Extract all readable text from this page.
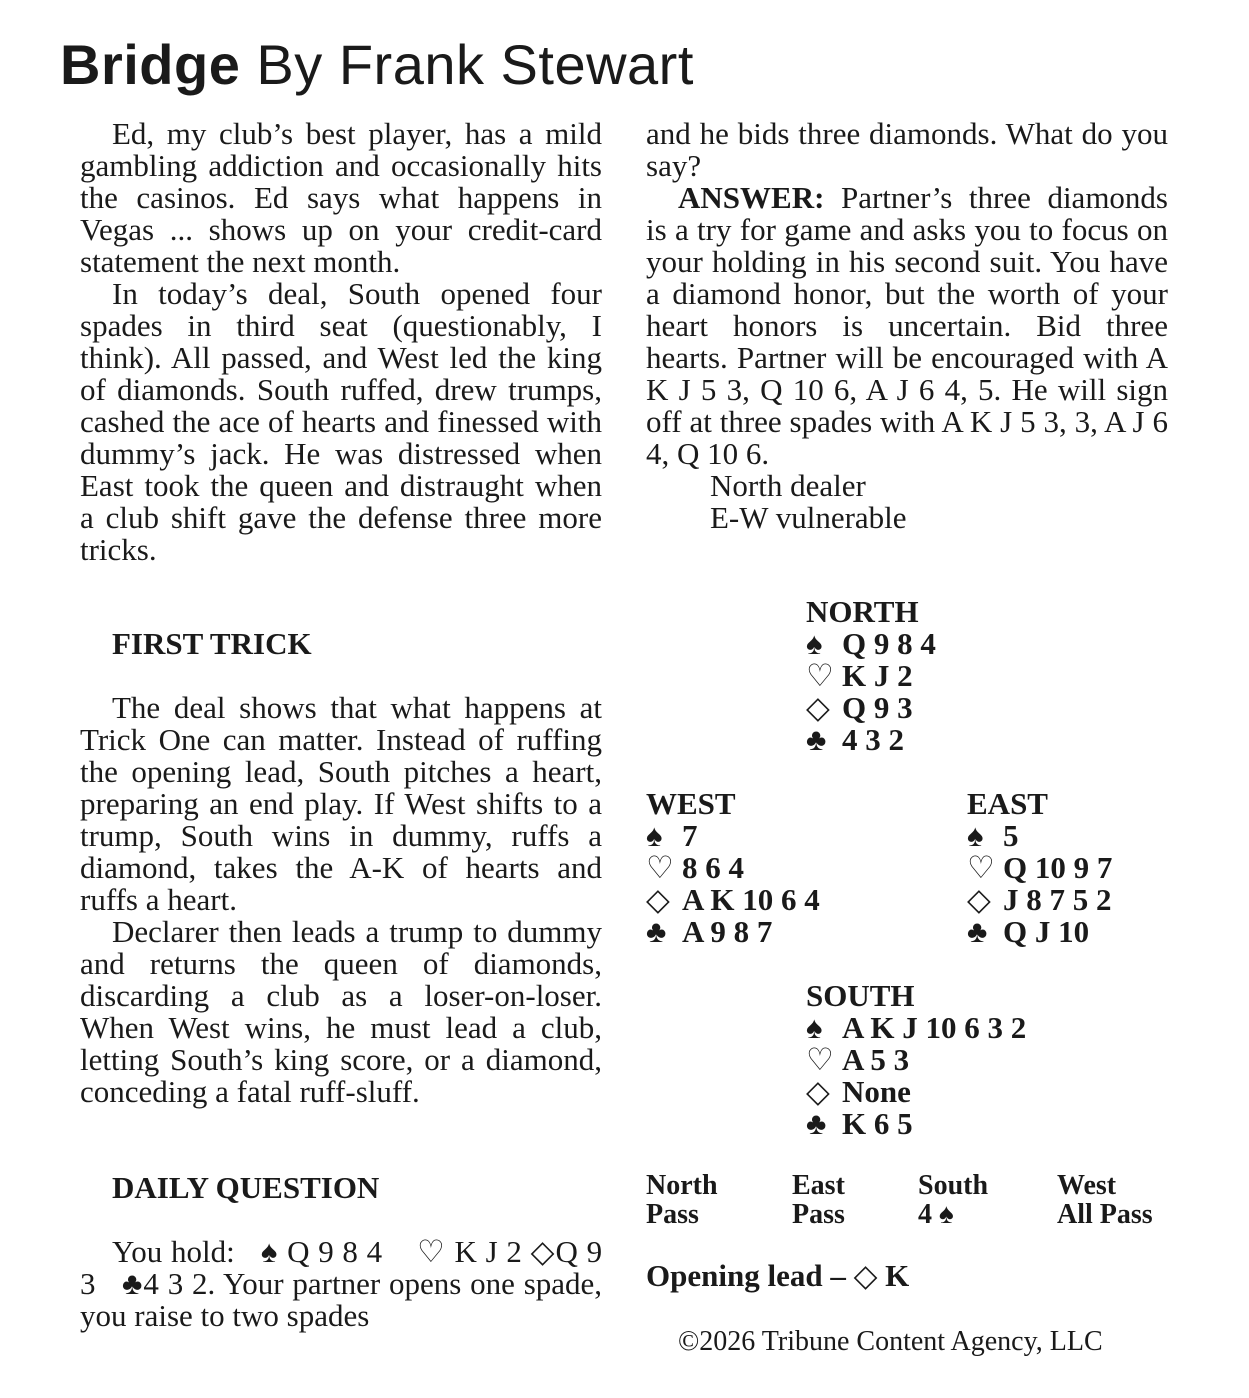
Bridge By Frank Stewart

Ed, my club’s best player, has a mild gambling addiction and occasionally hits the casinos. Ed says what happens in Vegas ... shows up on your credit-card statement the next month.

In today’s deal, South opened four spades in third seat (questionably, I think). All passed, and West led the king of diamonds. South ruffed, drew trumps, cashed the ace of hearts and finessed with dummy’s jack. He was distressed when East took the queen and distraught when a club shift gave the defense three more tricks.

FIRST TRICK

The deal shows that what happens at Trick One can matter. Instead of ruffing the opening lead, South pitches a heart, preparing an end play. If West shifts to a trump, South wins in dummy, ruffs a diamond, takes the A-K of hearts and ruffs a heart.

Declarer then leads a trump to dummy and returns the queen of diamonds, discarding a club as a loser-on-loser. When West wins, he must lead a club, letting South’s king score, or a diamond, conceding a fatal ruff-sluff.

DAILY QUESTION

You hold: ♠ Q 9 8 4 ♡ K J 2 ◇Q 9 3 ♣4 3 2. Your partner opens one spade, you raise to two spades

and he bids three diamonds. What do you say?

ANSWER: Partner’s three diamonds is a try for game and asks you to focus on your holding in his second suit. You have a diamond honor, but the worth of your heart honors is uncertain. Bid three hearts. Partner will be encouraged with A K J 5 3, Q 10 6, A J 6 4, 5. He will sign off at three spades with A K J 5 3, 3, A J 6 4, Q 10 6.

North dealer

E-W vulnerable

NORTH
♠ Q 9 8 4
♡ K J 2
◇ Q 9 3
♣ 4 3 2
WEST
♠ 7
♡ 8 6 4
◇ A K 10 6 4
♣ A 9 8 7
EAST
♠ 5
♡ Q 10 9 7
◇ J 8 7 5 2
♣ Q J 10
SOUTH
♠ A K J 10 6 3 2
♡ A 5 3
◇ None
♣ K 6 5
North
Pass
East
Pass
South
4 ♠
West
All Pass
Opening lead – ◇ K
©2026 Tribune Content Agency, LLC
